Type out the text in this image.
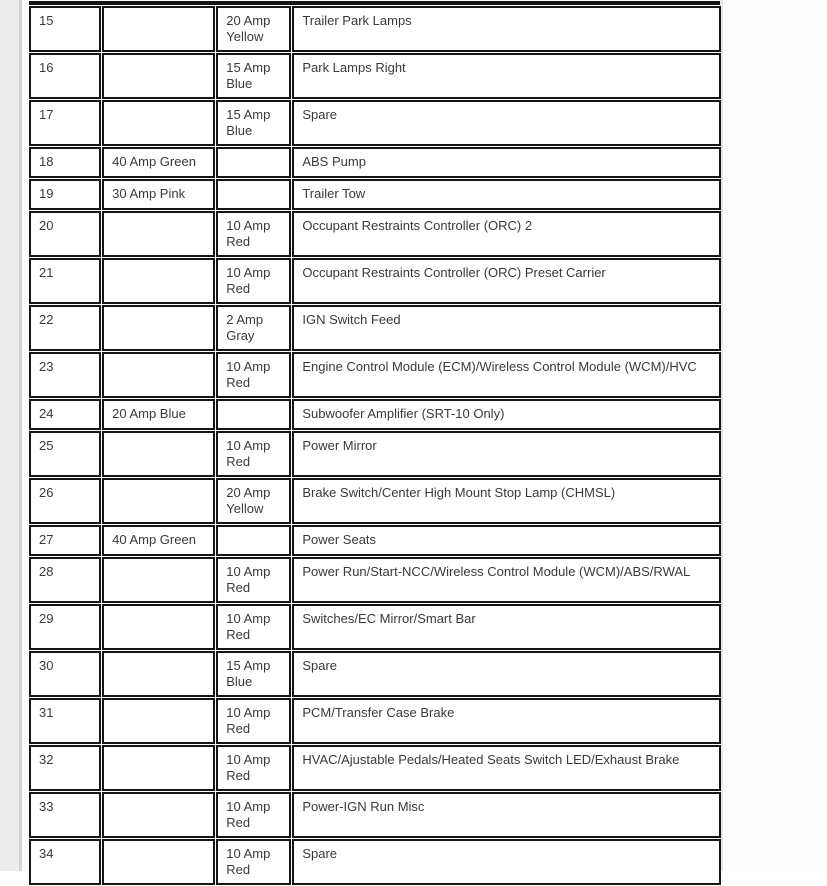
15		20 Amp Yellow	Trailer Park Lamps
16		15 Amp Blue	Park Lamps Right
17		15 Amp Blue	Spare
18	40 Amp Green		ABS Pump
19	30 Amp Pink		Trailer Tow
20		10 Amp Red	Occupant Restraints Controller (ORC) 2
21		10 Amp Red	Occupant Restraints Controller (ORC) Preset Carrier
22		2 Amp Gray	IGN Switch Feed
23		10 Amp Red	Engine Control Module (ECM)/Wireless Control Module (WCM)/HVC
24	20 Amp Blue		Subwoofer Amplifier (SRT-10 Only)
25		10 Amp Red	Power Mirror
26		20 Amp Yellow	Brake Switch/Center High Mount Stop Lamp (CHMSL)
27	40 Amp Green		Power Seats
28		10 Amp Red	Power Run/Start-NCC/Wireless Control Module (WCM)/ABS/RWAL
29		10 Amp Red	Switches/EC Mirror/Smart Bar
30		15 Amp Blue	Spare
31		10 Amp Red	PCM/Transfer Case Brake
32		10 Amp Red	HVAC/Ajustable Pedals/Heated Seats Switch LED/Exhaust Brake
33		10 Amp Red	Power-IGN Run Misc
34		10 Amp Red	Spare
